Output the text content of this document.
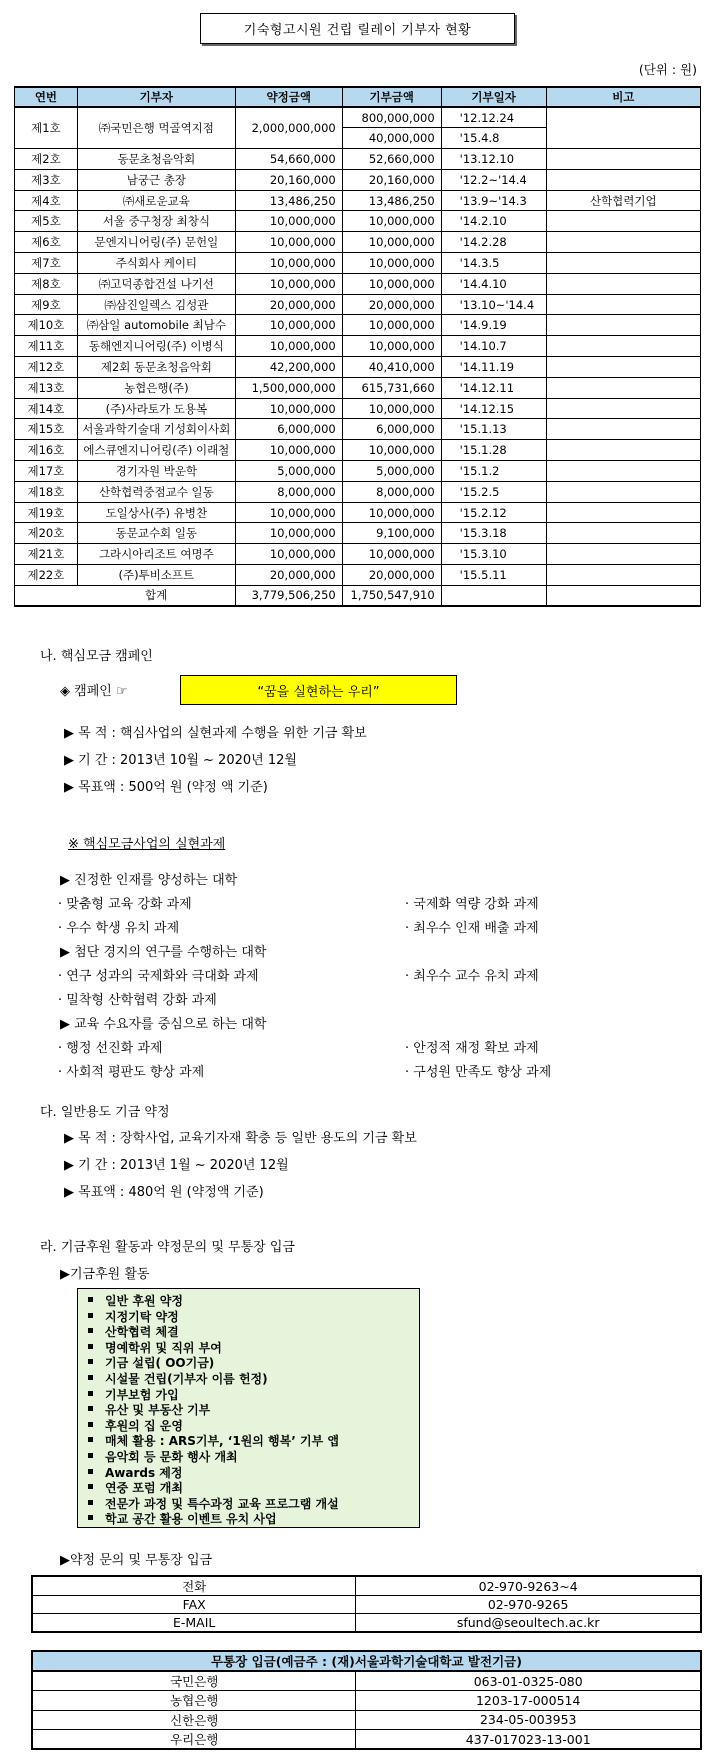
기숙형고시원 건립 릴레이 기부자 현황
(단위 : 원)
연번	기부자	약정금액	기부금액	기부일자	비고
제1호	㈜국민은행 먹골역지점	2,000,000,000	800,000,000	'12.12.24	
			40,000,000	'15.4.8	
제2호	동문초청음악회	54,660,000	52,660,000	'13.12.10	
제3호	남궁근 총장	20,160,000	20,160,000	'12.2~'14.4	
제4호	㈜새로운교육	13,486,250	13,486,250	'13.9~'14.3	산학협력기업
제5호	서울 중구청장 최창식	10,000,000	10,000,000	'14.2.10	
제6호	문엔지니어링(주) 문헌일	10,000,000	10,000,000	'14.2.28	
제7호	주식회사 케이티	10,000,000	10,000,000	'14.3.5	
제8호	㈜고덕종합건설 나기선	10,000,000	10,000,000	'14.4.10	
제9호	㈜삼진일렉스 김성관	20,000,000	20,000,000	'13.10~'14.4	
제10호	㈜삼일 automobile 최남수	10,000,000	10,000,000	'14.9.19	
제11호	동해엔지니어링(주) 이병식	10,000,000	10,000,000	'14.10.7	
제12호	제2회 동문초청음악회	42,200,000	40,410,000	'14.11.19	
제13호	농협은행(주)	1,500,000,000	615,731,660	'14.12.11	
제14호	(주)사라토가 도용복	10,000,000	10,000,000	'14.12.15	
제15호	서울과학기술대 기성회이사회	6,000,000	6,000,000	'15.1.13	
제16호	에스큐엔지니어링(주) 이래철	10,000,000	10,000,000	'15.1.28	
제17호	경기자원 박운학	5,000,000	5,000,000	'15.1.2	
제18호	산학협력중점교수 일동	8,000,000	8,000,000	'15.2.5	
제19호	도일상사(주) 유병찬	10,000,000	10,000,000	'15.2.12	
제20호	동문교수회 일동	10,000,000	9,100,000	'15.3.18	
제21호	그라시아리조트 여명주	10,000,000	10,000,000	'15.3.10	
제22호	(주)투비소프트	20,000,000	20,000,000	'15.5.11	
	합계	3,779,506,250	1,750,547,910		
나. 핵심모금 캠페인
◈ 캠페인 ☞	“꿈을 실현하는 우리”
▶ 목 적 : 핵심사업의 실현과제 수행을 위한 기금 확보
▶ 기 간 : 2013년 10월 ~ 2020년 12월
▶ 목표액 : 500억 원 (약정 액 기준)
※ 핵심모금사업의 실현과제
▶ 진정한 인재를 양성하는 대학
· 맞춤형 교육 강화 과제	· 국제화 역량 강화 과제
· 우수 학생 유치 과제	· 최우수 인재 배출 과제
▶ 첨단 경지의 연구를 수행하는 대학
· 연구 성과의 국제화와 극대화 과제	· 최우수 교수 유치 과제
· 밀착형 산학협력 강화 과제
▶ 교육 수요자를 중심으로 하는 대학
· 행정 선진화 과제	· 안정적 재정 확보 과제
· 사회적 평판도 향상 과제	· 구성원 만족도 향상 과제
다. 일반용도 기금 약정
▶ 목 적 : 장학사업, 교육기자재 확충 등 일반 용도의 기금 확보
▶ 기 간 : 2013년 1월 ~ 2020년 12월
▶ 목표액 : 480억 원 (약정액 기준)
라. 기금후원 활동과 약정문의 및 무통장 입금
▶기금후원 활동
일반 후원 약정
지정기탁 약정
산학협력 체결
명예학위 및 직위 부여
기금 설립( OO기금)
시설물 건립(기부자 이름 헌정)
기부보험 가입
유산 및 부동산 기부
후원의 집 운영
매체 활용 : ARS기부, ‘1원의 행복’ 기부 앱
음악회 등 문화 행사 개최
Awards 제정
연중 포럼 개최
전문가 과정 및 특수과정 교육 프로그램 개설
학교 공간 활용 이벤트 유치 사업
▶약정 문의 및 무통장 입금
전화	02-970-9263~4
FAX	02-970-9265
E-MAIL	sfund@seoultech.ac.kr
무통장 입금(예금주 : (재)서울과학기술대학교 발전기금)	
국민은행	063-01-0325-080
농협은행	1203-17-000514
신한은행	234-05-003953
우리은행	437-017023-13-001
